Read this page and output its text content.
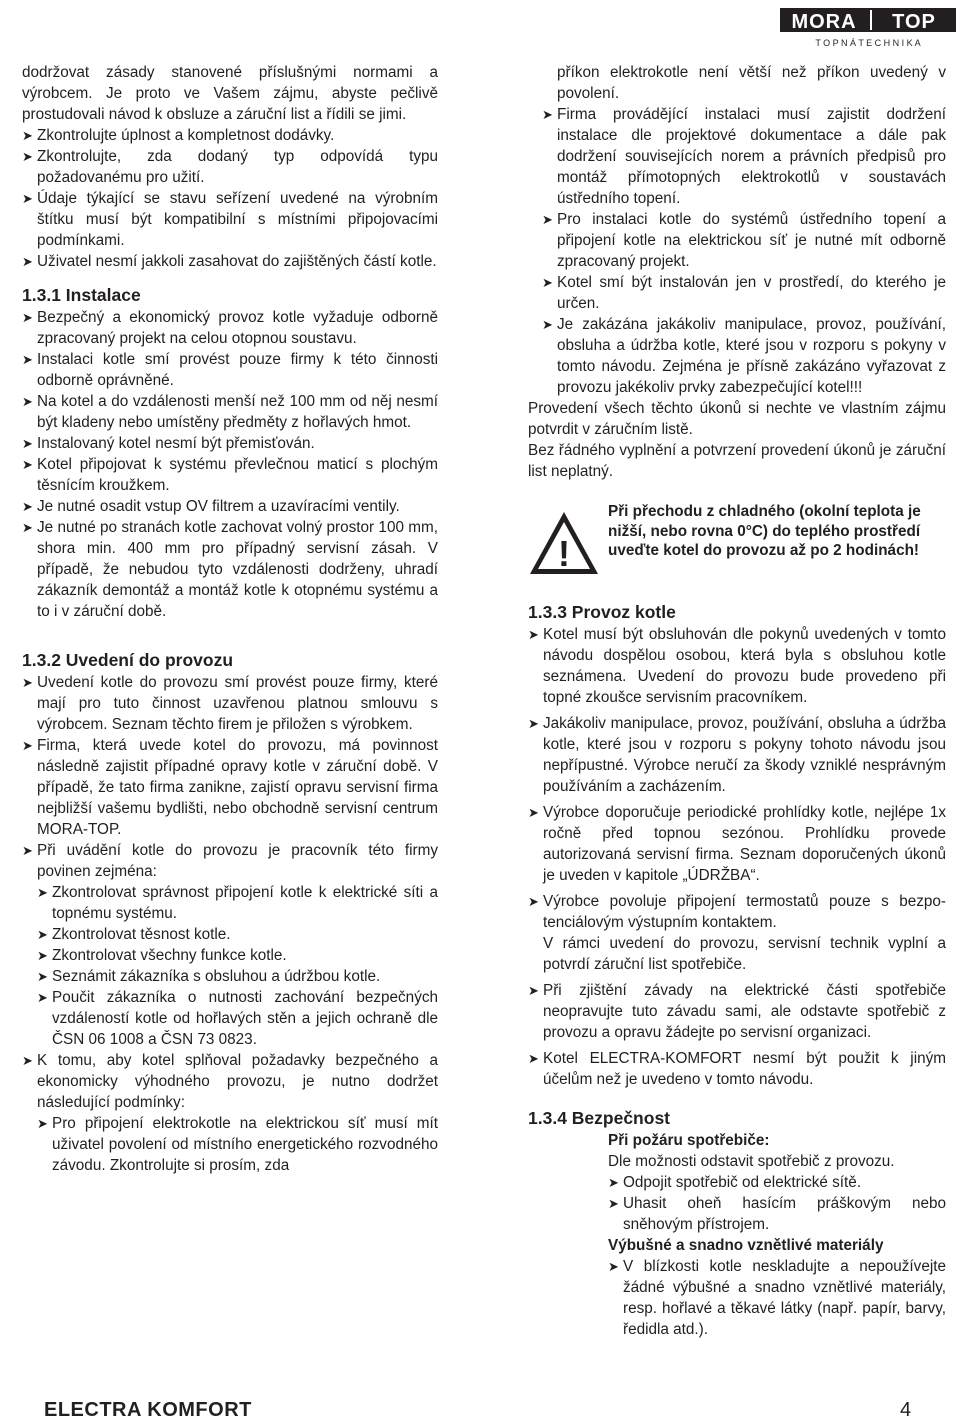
MORA TOP
T O P N Á T E C H N I K A

dodržovat zásady stanovené příslušnými normami a výrobcem. Je proto ve Vašem zájmu, abyste pečlivě prostudovali návod k obsluze a záruční list a řídili se jimi.

➤ Zkontrolujte úplnost a kompletnost dodávky.
➤ Zkontrolujte, zda dodaný typ odpovídá typu požadovanému pro užití.
➤ Údaje týkající se stavu seřízení uvedené na výrobním štítku musí být kompatibilní s místními připojovacími podmínkami.
➤ Uživatel nesmí jakkoli zasahovat do zajištěných částí kotle.
1.3.1 Instalace
➤ Bezpečný a ekonomický provoz kotle vyžaduje odborně zpracovaný projekt na celou otopnou soustavu.
➤ Instalaci kotle smí provést pouze firmy k této činnosti odborně oprávněné.
➤ Na kotel a do vzdálenosti menší než 100 mm od něj nesmí být kladeny nebo umístěny předměty z hořlavých hmot.
➤ Instalovaný kotel nesmí být přemisťován.
➤ Kotel připojovat k systému převlečnou maticí s plochým těsnícím kroužkem.
➤ Je nutné osadit vstup OV filtrem a uzavíracími ventily.
➤ Je nutné po stranách kotle zachovat volný prostor 100 mm, shora min. 400 mm pro případný servisní zásah. V případě, že nebudou tyto vzdálenosti dodrženy, uhradí zákazník demontáž a montáž kotle k otopnému systému a to i v záruční době.
1.3.2 Uvedení do provozu
➤ Uvedení kotle do provozu smí provést pouze firmy, které mají pro tuto činnost uzavřenou platnou smlouvu s výrobcem. Seznam těchto firem je přiložen s výrobkem.
➤ Firma, která uvede kotel do provozu, má povinnost následně zajistit případné opravy kotle v záruční době. V případě, že tato firma zanikne, zajistí opravu servisní firma nejbližší vašemu bydlišti, nebo obchodně servisní centrum MORA-TOP.
➤ Při uvádění kotle do provozu je pracovník této firmy povinen zejména:
➤ Zkontrolovat správnost připojení kotle k elektrické síti a topnému systému.
➤ Zkontrolovat těsnost kotle.
➤ Zkontrolovat všechny funkce kotle.
➤ Seznámit zákazníka s obsluhou a údržbou kotle.
➤ Poučit zákazníka o nutnosti zachování bezpečných vzdáleností kotle od hořlavých stěn a jejich ochraně dle ČSN 06 1008 a ČSN 73 0823.
➤ K tomu, aby kotel splňoval požadavky bezpečného a ekonomicky výhodného provozu, je nutno dodržet následující podmínky:
➤ Pro připojení elektrokotle na elektrickou síť musí mít uživatel povolení od místního energetického rozvodného závodu. Zkontrolujte si prosím, zda

příkon elektrokotle není větší než příkon uvedený v povolení.

➤ Firma provádějící instalaci musí zajistit dodržení instalace dle projektové dokumentace a dále pak dodržení souvisejících norem a právních předpisů pro montáž přímotopných elektrokotlů v soustavách ústředního topení.
➤ Pro instalaci kotle do systémů ústředního topení a připojení kotle na elektrickou síť je nutné mít odborně zpracovaný projekt.
➤ Kotel smí být instalován jen v prostředí, do kterého je určen.
➤ Je zakázána jakákoliv manipulace, provoz, používání, obsluha a údržba kotle, které jsou v rozporu s pokyny v tomto návodu. Zejména je přísně zakázáno vyřazovat z provozu jakékoliv prvky zabezpečující kotel!!!

Provedení všech těchto úkonů si nechte ve vlastním zájmu potvrdit v záručním listě.

Bez řádného vyplnění a potvrzení provedení úkonů je záruční list neplatný.

!
Při přechodu z chladného (okolní teplota je nižší, nebo rovna 0°C) do teplého prostředí uveďte kotel do provozu až po 2 hodinách!
1.3.3 Provoz kotle
➤ Kotel musí být obsluhován dle pokynů uvedených v tomto návodu dospělou osobou, která byla s obsluhou kotle seznámena. Uvedení do provozu bude provedeno při topné zkoušce servisním pracovníkem.
➤ Jakákoliv manipulace, provoz, používání, obsluha a údržba kotle, které jsou v rozporu s pokyny tohoto návodu jsou nepřípustné. Výrobce neručí za škody vzniklé nesprávným používáním a zacházením.
➤ Výrobce doporučuje periodické prohlídky kotle, nejlépe 1x ročně před topnou sezónou. Prohlídku provede autorizovaná servisní firma. Seznam doporučených úkonů je uveden v kapitole „ÚDRŽBA“.
➤ Výrobce povoluje připojení termostatů pouze s bezpo-tenciálovým výstupním kontaktem.

V rámci uvedení do provozu, servisní technik vyplní a potvrdí záruční list spotřebiče.

➤ Při zjištění závady na elektrické části spotřebiče neopravujte tuto závadu sami, ale odstavte spotřebič z provozu a opravu žádejte po servisní organizaci.
➤ Kotel ELECTRA-KOMFORT nesmí být použit k jiným účelům než je uvedeno v tomto návodu.
1.3.4 Bezpečnost
Při požáru spotřebiče:
Dle možnosti odstavit spotřebič z provozu.
➤ Odpojit spotřebič od elektrické sítě.
➤ Uhasit oheň hasícím práškovým nebo sněhovým přístrojem.
Výbušné a snadno vznětlivé materiály
➤ V blízkosti kotle neskladujte a nepoužívejte žádné výbušné a snadno vznětlivé materiály, resp. hořlavé a těkavé látky (např. papír, barvy, ředidla atd.).
ELECTRA KOMFORT	4
